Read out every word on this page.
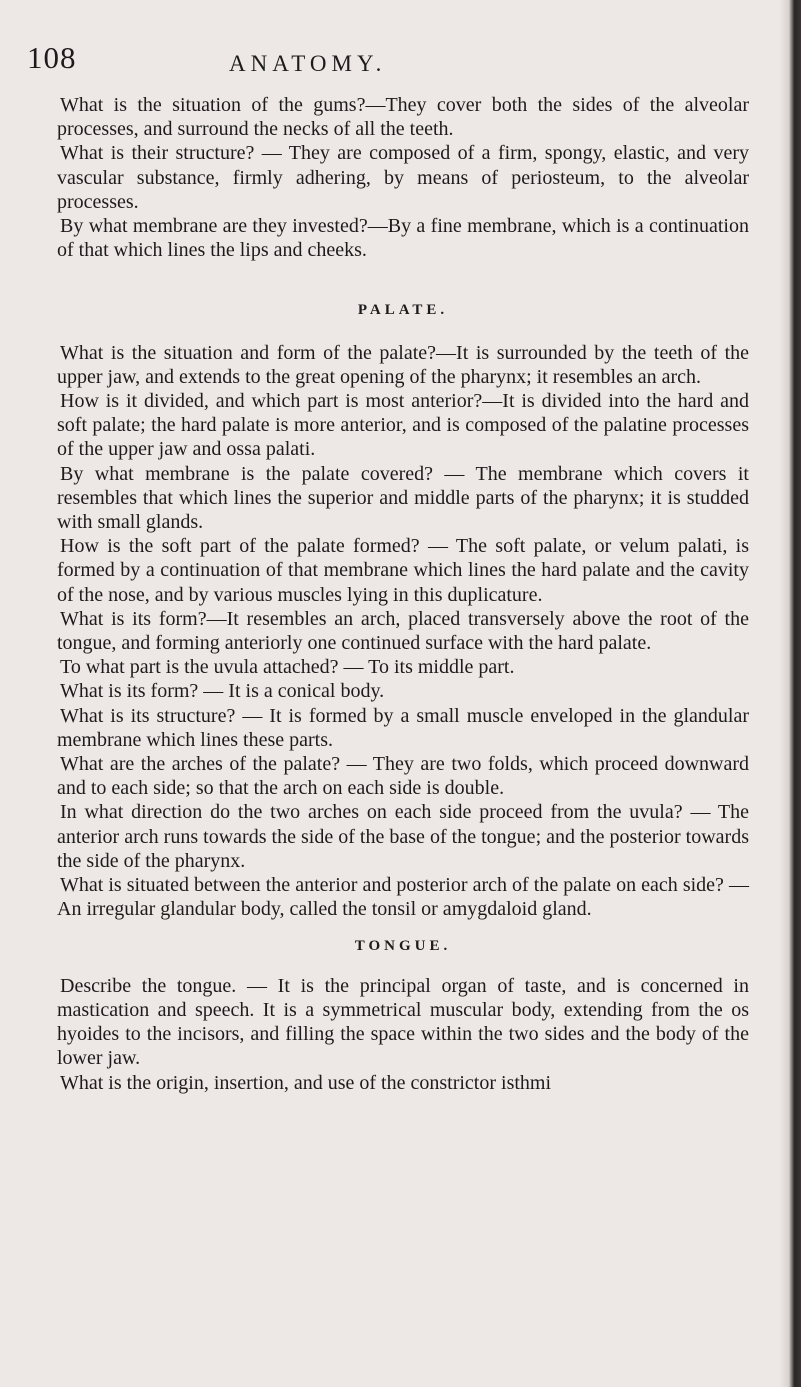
108	ANATOMY.

What is the situation of the gums?—They cover both the sides of the alveolar processes, and surround the necks of all the teeth.

What is their structure? — They are composed of a firm, spongy, elastic, and very vascular substance, firmly adhering, by means of periosteum, to the alveolar processes.

By what membrane are they invested?—By a fine membrane, which is a continuation of that which lines the lips and cheeks.

PALATE.

What is the situation and form of the palate?—It is surrounded by the teeth of the upper jaw, and extends to the great opening of the pharynx; it resembles an arch.

How is it divided, and which part is most anterior?—It is divided into the hard and soft palate; the hard palate is more anterior, and is composed of the palatine processes of the upper jaw and ossa palati.

By what membrane is the palate covered? — The membrane which covers it resembles that which lines the superior and middle parts of the pharynx; it is studded with small glands.

How is the soft part of the palate formed? — The soft palate, or velum palati, is formed by a continuation of that membrane which lines the hard palate and the cavity of the nose, and by various muscles lying in this duplicature.

What is its form?—It resembles an arch, placed transversely above the root of the tongue, and forming anteriorly one continued surface with the hard palate.

To what part is the uvula attached? — To its middle part.

What is its form? — It is a conical body.

What is its structure? — It is formed by a small muscle enveloped in the glandular membrane which lines these parts.

What are the arches of the palate? — They are two folds, which proceed downward and to each side; so that the arch on each side is double.

In what direction do the two arches on each side proceed from the uvula? — The anterior arch runs towards the side of the base of the tongue; and the posterior towards the side of the pharynx.

What is situated between the anterior and posterior arch of the palate on each side? — An irregular glandular body, called the tonsil or amygdaloid gland.

TONGUE.

Describe the tongue. — It is the principal organ of taste, and is concerned in mastication and speech. It is a symmetrical muscular body, extending from the os hyoides to the incisors, and filling the space within the two sides and the body of the lower jaw.

What is the origin, insertion, and use of the constrictor isthmi
